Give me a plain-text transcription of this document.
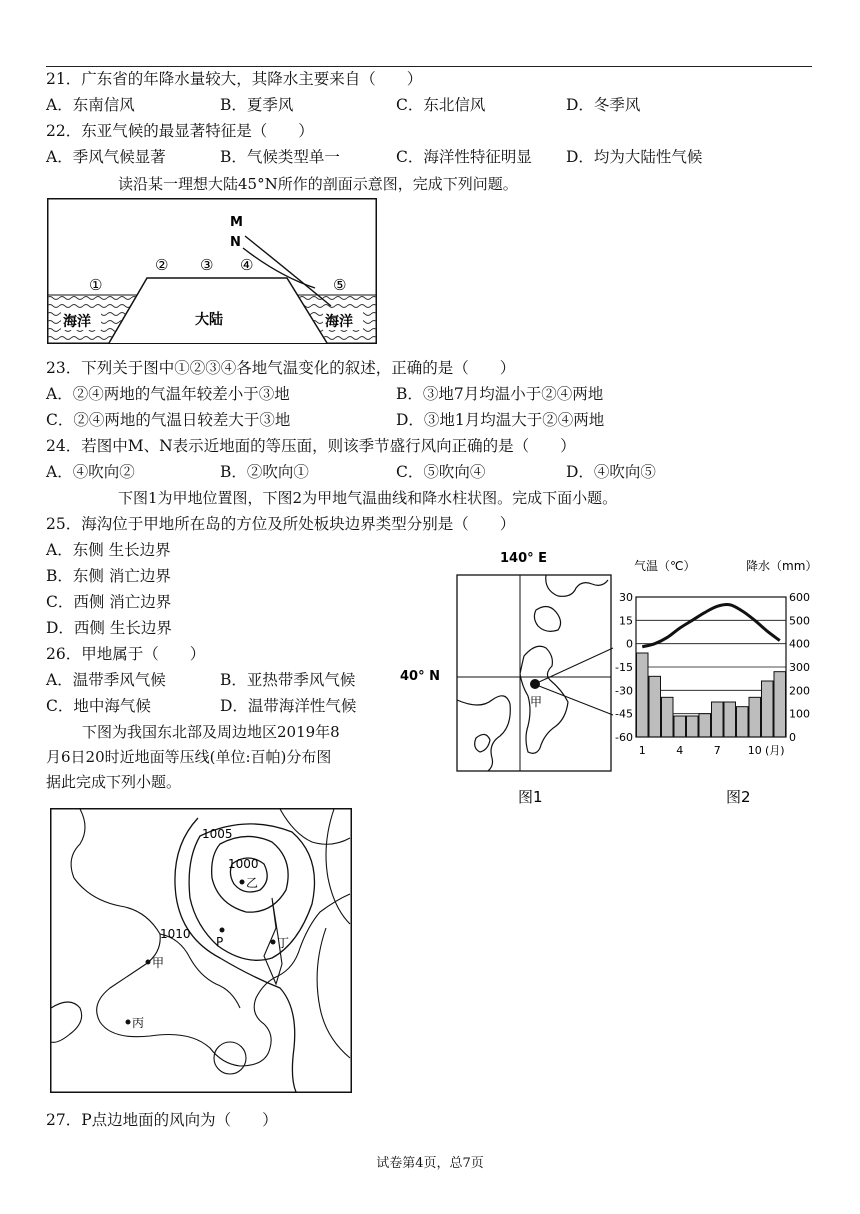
21．广东省的年降水量较大，其降水主要来自（　　）
A．东南信风	B．夏季风	C．东北信风	D．冬季风
22．东亚气候的最显著特征是（　　）
A．季风气候显著	B．气候类型单一	C．海洋性特征明显 D．均为大陆性气候
读沿某一理想大陆45°N所作的剖面示意图，完成下列问题。
M
N
①
② ③ ④
⑤
海洋	大陆	海洋
23．下列关于图中①②③④各地气温变化的叙述，正确的是（　　）
A．②④两地的气温年较差小于③地	B．③地7月均温小于②④两地
C．②④两地的气温日较差大于③地	D．③地1月均温大于②④两地
24．若图中M、N表示近地面的等压面，则该季节盛行风向正确的是（　　）
A．④吹向②	B．②吹向①	C．⑤吹向④	D．④吹向⑤
下图1为甲地位置图，下图2为甲地气温曲线和降水柱状图。完成下面小题。
25．海沟位于甲地所在岛的方位及所处板块边界类型分别是（　　）
A．东侧 生长边界
B．东侧 消亡边界
C．西侧 消亡边界
D．西侧 生长边界
26．甲地属于（　　）
A．温带季风气候	B．亚热带季风气候
C．地中海气候	D．温带海洋性气候
下图为我国东北部及周边地区2019年8
月6日20时近地面等压线(单位:百帕)分布图
据此完成下列小题。
140° E
40° N
甲
图1
气温（℃）	降水（mm）
30
15
0
-15
-30
-45
-60
600
500
400
300
200
100
0
1	4	7 10 (月)
图2
1005
1000
1010
乙
P	丁
甲
丙
27．P点边地面的风向为（　　）
试卷第4页，总7页
